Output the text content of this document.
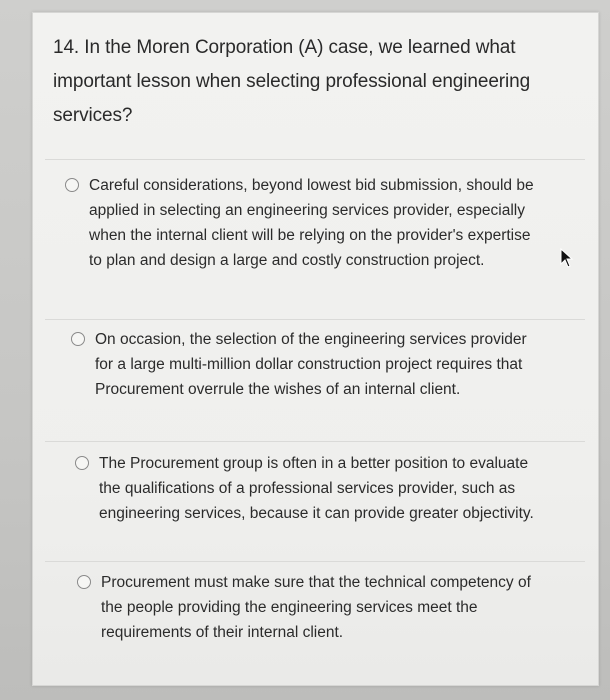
14. In the Moren Corporation (A) case, we learned what important lesson when selecting professional engineering services?
Careful considerations, beyond lowest bid submission, should be applied in selecting an engineering services provider, especially when the internal client will be relying on the provider's expertise to plan and design a large and costly construction project.
On occasion, the selection of the engineering services provider for a large multi-million dollar construction project requires that Procurement overrule the wishes of an internal client.
The Procurement group is often in a better position to evaluate the qualifications of a professional services provider, such as engineering services, because it can provide greater objectivity.
Procurement must make sure that the technical competency of the people providing the engineering services meet the requirements of their internal client.
